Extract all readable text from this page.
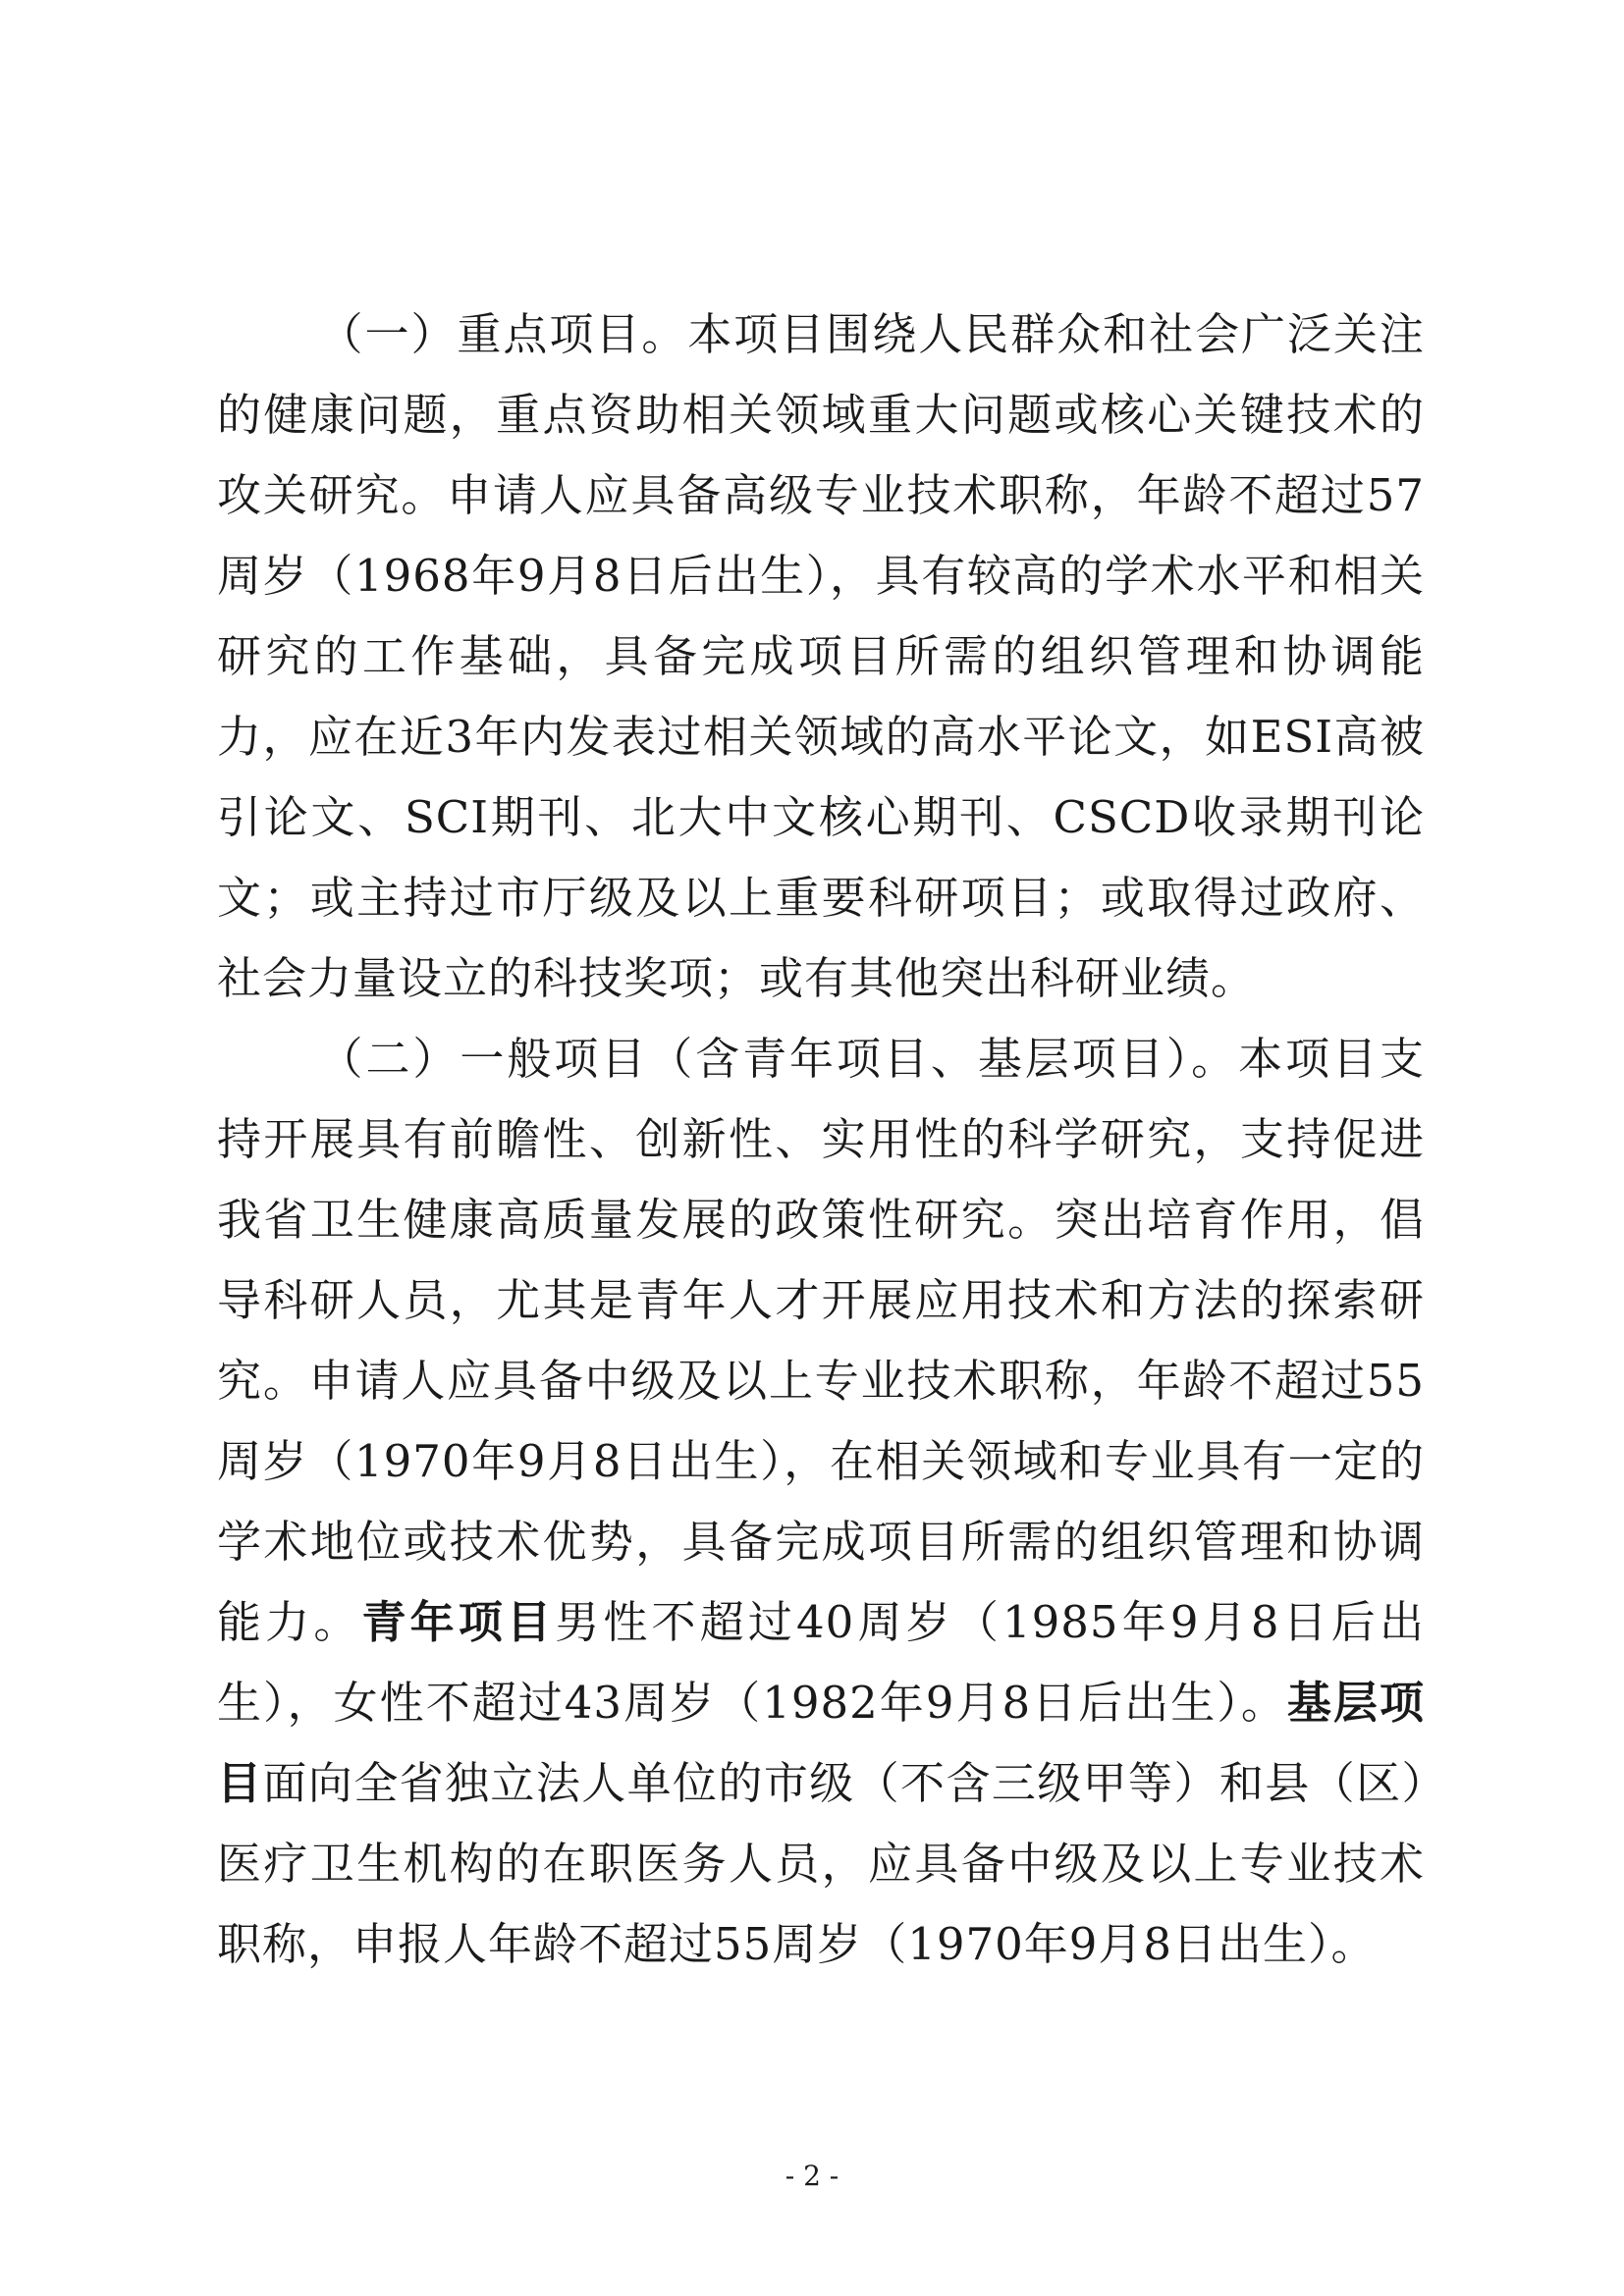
（一）重点项目。本项目围绕人民群众和社会广泛关注的健康问题，重点资助相关领域重大问题或核心关键技术的攻关研究。申请人应具备高级专业技术职称，年龄不超过57周岁（1968年9月8日后出生），具有较高的学术水平和相关研究的工作基础，具备完成项目所需的组织管理和协调能力，应在近3年内发表过相关领域的高水平论文，如ESI高被引论文、SCI期刊、北大中文核心期刊、CSCD收录期刊论文；或主持过市厅级及以上重要科研项目；或取得过政府、社会力量设立的科技奖项；或有其他突出科研业绩。

（二）一般项目（含青年项目、基层项目）。本项目支持开展具有前瞻性、创新性、实用性的科学研究，支持促进我省卫生健康高质量发展的政策性研究。突出培育作用，倡导科研人员，尤其是青年人才开展应用技术和方法的探索研究。申请人应具备中级及以上专业技术职称，年龄不超过55周岁（1970年9月8日出生），在相关领域和专业具有一定的学术地位或技术优势，具备完成项目所需的组织管理和协调能力。青年项目男性不超过40周岁（1985年9月8日后出生），女性不超过43周岁（1982年9月8日后出生）。基层项目面向全省独立法人单位的市级（不含三级甲等）和县（区）医疗卫生机构的在职医务人员，应具备中级及以上专业技术职称，申报人年龄不超过55周岁（1970年9月8日出生）。

- 2 -
